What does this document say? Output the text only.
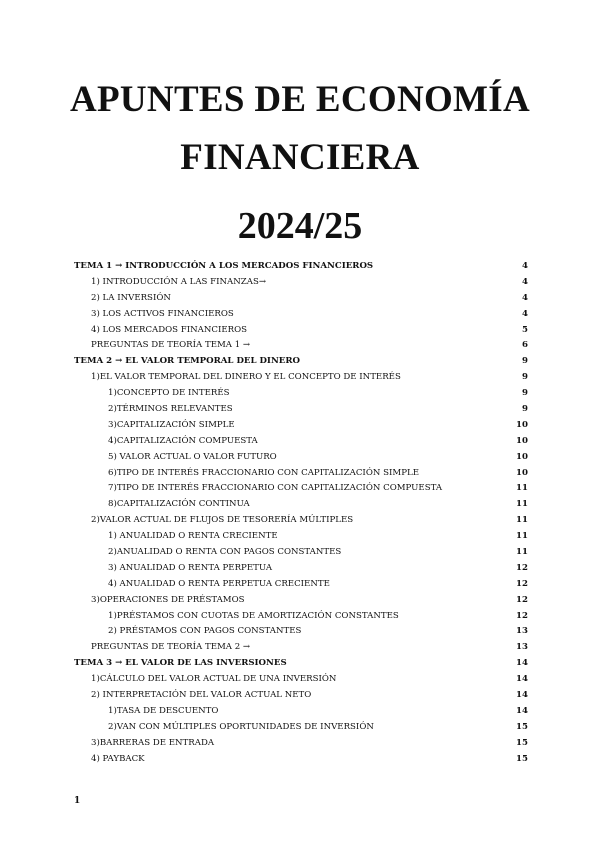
APUNTES DE ECONOMÍA
FINANCIERA
2024/25
TEMA 1 → INTRODUCCIÓN A LOS MERCADOS FINANCIEROS	4
1) INTRODUCCIÓN A LAS FINANZAS→	4
2) LA INVERSIÓN	4
3) LOS ACTIVOS FINANCIEROS	4
4) LOS MERCADOS FINANCIEROS	5
PREGUNTAS DE TEORÍA TEMA 1 →	6
TEMA 2 → EL VALOR TEMPORAL DEL DINERO	9
1)EL VALOR TEMPORAL DEL DINERO Y EL CONCEPTO DE INTERÉS	9
1)CONCEPTO DE INTERÉS	9
2)TÉRMINOS RELEVANTES	9
3)CAPITALIZACIÓN SIMPLE	10
4)CAPITALIZACIÓN COMPUESTA	10
5) VALOR ACTUAL O VALOR FUTURO	10
6)TIPO DE INTERÉS FRACCIONARIO CON CAPITALIZACIÓN SIMPLE	10
7)TIPO DE INTERÉS FRACCIONARIO CON CAPITALIZACIÓN COMPUESTA	11
8)CAPITALIZACIÓN CONTINUA	11
2)VALOR ACTUAL DE FLUJOS DE TESORERÍA MÚLTIPLES	11
1) ANUALIDAD O RENTA CRECIENTE	11
2)ANUALIDAD O RENTA CON PAGOS CONSTANTES	11
3) ANUALIDAD O RENTA PERPETUA	12
4) ANUALIDAD O RENTA PERPETUA CRECIENTE	12
3)OPERACIONES DE PRÉSTAMOS	12
1)PRÉSTAMOS CON CUOTAS DE AMORTIZACIÓN CONSTANTES	12
2) PRÉSTAMOS CON PAGOS CONSTANTES	13
PREGUNTAS DE TEORÍA TEMA 2 →	13
TEMA 3 → EL VALOR DE LAS INVERSIONES	14
1)CÁLCULO DEL VALOR ACTUAL DE UNA INVERSIÓN	14
2) INTERPRETACIÓN DEL VALOR ACTUAL NETO	14
1)TASA DE DESCUENTO	14
2)VAN CON MÚLTIPLES OPORTUNIDADES DE INVERSIÓN	15
3)BARRERAS DE ENTRADA	15
4) PAYBACK	15
1
